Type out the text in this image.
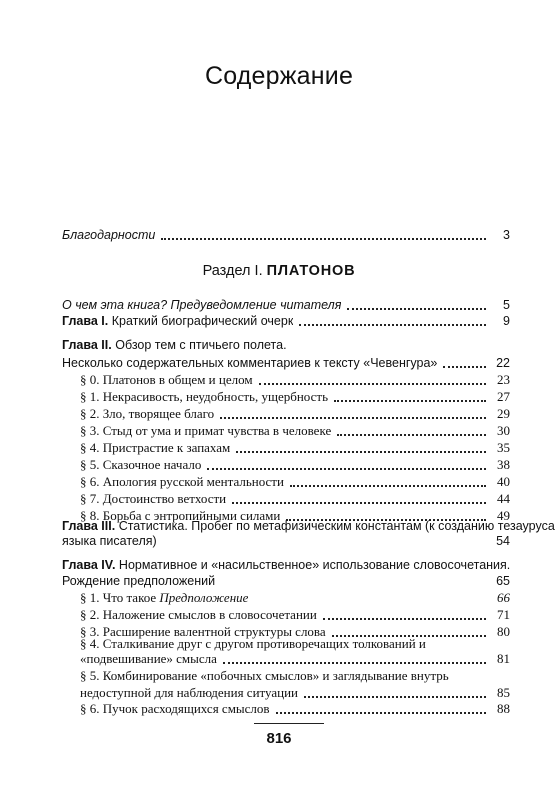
Содержание
Благодарности	3
Раздел I. ПЛАТОНОВ
О чем эта книга? Предуведомление читателя	5
Глава I. Краткий биографический очерк	9
Глава II. Обзор тем с птичьего полета.
Несколько содержательных комментариев к тексту «Чевенгура»	22
§ 0. Платонов в общем и целом	23
§ 1. Некрасивость, неудобность, ущербность	27
§ 2. Зло, творящее благо	29
§ 3. Стыд от ума и примат чувства в человеке	30
§ 4. Пристрастие к запахам	35
§ 5. Сказочное начало	38
§ 6. Апология русской ментальности	40
§ 7. Достоинство ветхости	44
§ 8. Борьба с энтропийными силами	49
Глава III. Статистика. Пробег по метафизическим константам (к созданию тезауруса
языка писателя)	54
Глава IV. Нормативное и «насильственное» использование словосочетания.
Рождение предположений	65
§ 1. Что такое Предположение	66
§ 2. Наложение смыслов в словосочетании	71
§ 3. Расширение валентной структуры слова	80
§ 4. Сталкивание друг с другом противоречащих толкований и
«подвешивание» смысла	81
§ 5. Комбинирование «побочных смыслов» и заглядывание внутрь
недоступной для наблюдения ситуации	85
§ 6. Пучок расходящихся смыслов	88
816
